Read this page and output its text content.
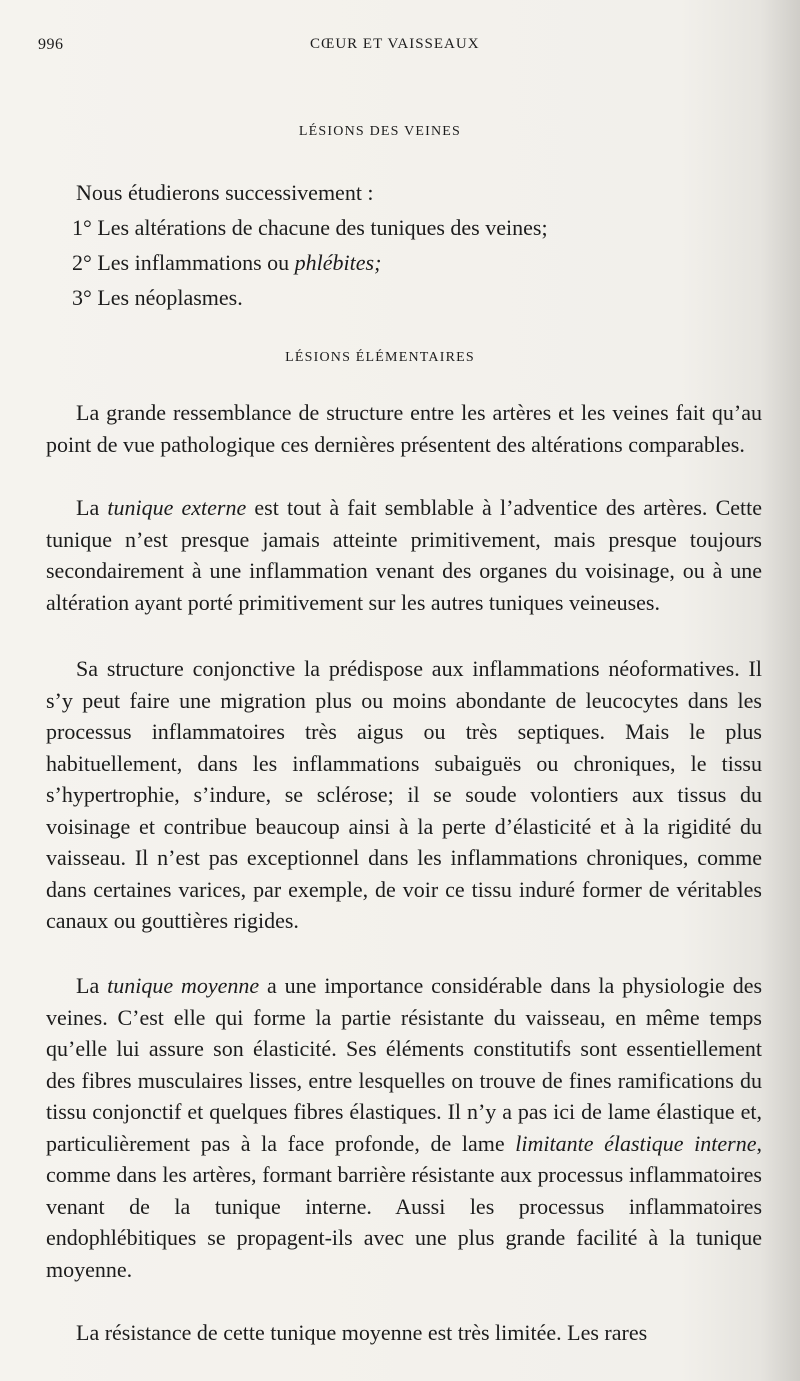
996	CŒUR ET VAISSEAUX
LÉSIONS DES VEINES
Nous étudierons successivement :
1° Les altérations de chacune des tuniques des veines;
2° Les inflammations ou phlébites;
3° Les néoplasmes.
LÉSIONS ÉLÉMENTAIRES

La grande ressemblance de structure entre les artères et les veines fait qu’au point de vue pathologique ces dernières présentent des altérations comparables.

La tunique externe est tout à fait semblable à l’adventice des artères. Cette tunique n’est presque jamais atteinte primitivement, mais presque toujours secondairement à une inflammation venant des organes du voisinage, ou à une altération ayant porté primitivement sur les autres tuniques veineuses.

Sa structure conjonctive la prédispose aux inflammations néoformatives. Il s’y peut faire une migration plus ou moins abondante de leucocytes dans les processus inflammatoires très aigus ou très septiques. Mais le plus habituellement, dans les inflammations subaiguës ou chroniques, le tissu s’hypertrophie, s’indure, se sclérose; il se soude volontiers aux tissus du voisinage et contribue beaucoup ainsi à la perte d’élasticité et à la rigidité du vaisseau. Il n’est pas exceptionnel dans les inflammations chroniques, comme dans certaines varices, par exemple, de voir ce tissu induré former de véritables canaux ou gouttières rigides.

La tunique moyenne a une importance considérable dans la physiologie des veines. C’est elle qui forme la partie résistante du vaisseau, en même temps qu’elle lui assure son élasticité. Ses éléments constitutifs sont essentiellement des fibres musculaires lisses, entre lesquelles on trouve de fines ramifications du tissu conjonctif et quelques fibres élastiques. Il n’y a pas ici de lame élastique et, particulièrement pas à la face profonde, de lame limitante élastique interne, comme dans les artères, formant barrière résistante aux processus inflammatoires venant de la tunique interne. Aussi les processus inflammatoires endophlébitiques se propagent-ils avec une plus grande facilité à la tunique moyenne.

La résistance de cette tunique moyenne est très limitée. Les rares
